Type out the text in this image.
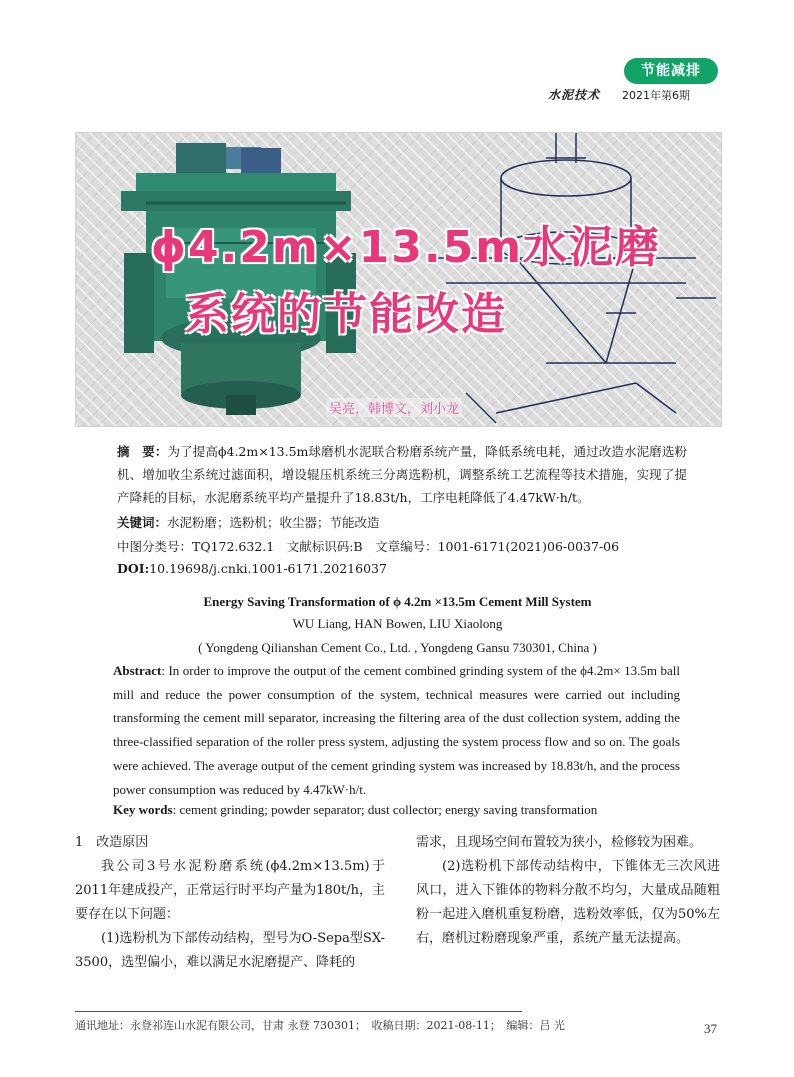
节能减排
水泥技术 2021年第6期
ϕ4.2m×13.5m水泥磨
系统的节能改造
吴亮，韩博文，刘小龙
摘　要：为了提高ϕ4.2m×13.5m球磨机水泥联合粉磨系统产量，降低系统电耗，通过改造水泥磨选粉机、增加收尘系统过滤面积，增设辊压机系统三分离选粉机，调整系统工艺流程等技术措施，实现了提产降耗的目标，水泥磨系统平均产量提升了18.83t/h，工序电耗降低了4.47kW·h/t。
关键词：水泥粉磨；选粉机；收尘器；节能改造
中图分类号：TQ172.632.1　文献标识码:B　文章编号：1001-6171(2021)06-0037-06
DOI:10.19698/j.cnki.1001-6171.20216037
Energy Saving Transformation of ϕ 4.2m ×13.5m Cement Mill System
WU Liang, HAN Bowen, LIU Xiaolong
( Yongdeng Qilianshan Cement Co., Ltd. , Yongdeng Gansu 730301, China )
Abstract: In order to improve the output of the cement combined grinding system of the ϕ4.2m× 13.5m ball mill and reduce the power consumption of the system, technical measures were carried out including transforming the cement mill separator, increasing the filtering area of the dust collection system, adding the three-classified separation of the roller press system, adjusting the system process flow and so on. The goals were achieved. The average output of the cement grinding system was increased by 18.83t/h, and the process power consumption was reduced by 4.47kW·h/t.
Key words: cement grinding; powder separator; dust collector; energy saving transformation
1　改造原因
我公司3号水泥粉磨系统(ϕ4.2m×13.5m)于2011年建成投产，正常运行时平均产量为180t/h，主要存在以下问题：
(1)选粉机为下部传动结构，型号为O-Sepa型SX-3500，选型偏小，难以满足水泥磨提产、降耗的
需求，且现场空间布置较为狭小，检修较为困难。
(2)选粉机下部传动结构中，下锥体无三次风进风口，进入下锥体的物料分散不均匀，大量成品随粗粉一起进入磨机重复粉磨，选粉效率低，仅为50%左右，磨机过粉磨现象严重，系统产量无法提高。
通讯地址：永登祁连山水泥有限公司，甘肃 永登 730301；　收稿日期：2021-08-11；　编辑：吕 光	37
